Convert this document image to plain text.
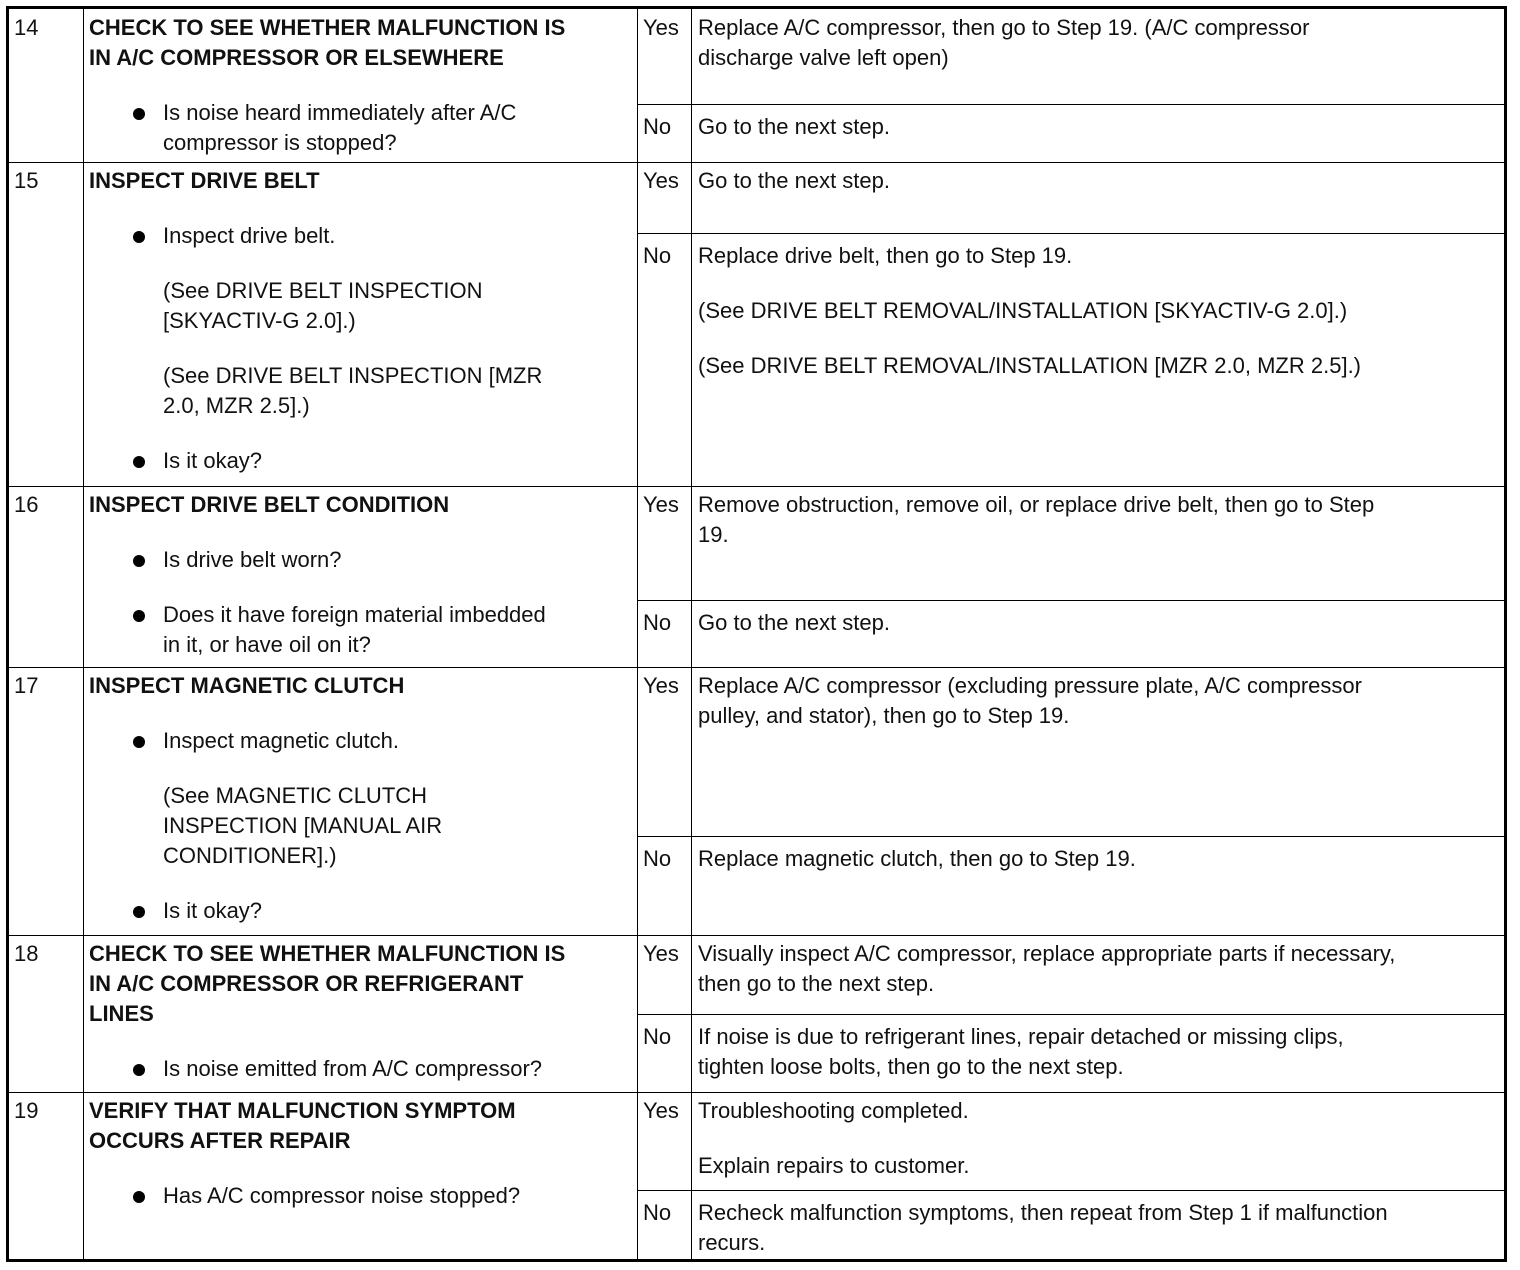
14 CHECK TO SEE WHETHER MALFUNCTION IS
IN A/C COMPRESSOR OR ELSEWHERE
Is noise heard immediately after A/C
compressor is stopped?
Yes Replace A/C compressor, then go to Step 19. (A/C compressor
discharge valve left open)
No Go to the next step.
15 INSPECT DRIVE BELT
Inspect drive belt.
(See DRIVE BELT INSPECTION
[SKYACTIV-G 2.0].)
(See DRIVE BELT INSPECTION [MZR
2.0, MZR 2.5].)
Is it okay?
Yes Go to the next step.
No Replace drive belt, then go to Step 19.
(See DRIVE BELT REMOVAL/INSTALLATION [SKYACTIV-G 2.0].)
(See DRIVE BELT REMOVAL/INSTALLATION [MZR 2.0, MZR 2.5].)
16 INSPECT DRIVE BELT CONDITION
Is drive belt worn?
Does it have foreign material imbedded
in it, or have oil on it?
Yes Remove obstruction, remove oil, or replace drive belt, then go to Step
19.
No Go to the next step.
17 INSPECT MAGNETIC CLUTCH
Inspect magnetic clutch.
(See MAGNETIC CLUTCH
INSPECTION [MANUAL AIR
CONDITIONER].)
Is it okay?
Yes Replace A/C compressor (excluding pressure plate, A/C compressor
pulley, and stator), then go to Step 19.
No Replace magnetic clutch, then go to Step 19.
18 CHECK TO SEE WHETHER MALFUNCTION IS
IN A/C COMPRESSOR OR REFRIGERANT
LINES
Is noise emitted from A/C compressor?
Yes Visually inspect A/C compressor, replace appropriate parts if necessary,
then go to the next step.
No If noise is due to refrigerant lines, repair detached or missing clips,
tighten loose bolts, then go to the next step.
19 VERIFY THAT MALFUNCTION SYMPTOM
OCCURS AFTER REPAIR
Has A/C compressor noise stopped?
Yes Troubleshooting completed.
Explain repairs to customer.
No Recheck malfunction symptoms, then repeat from Step 1 if malfunction
recurs.
